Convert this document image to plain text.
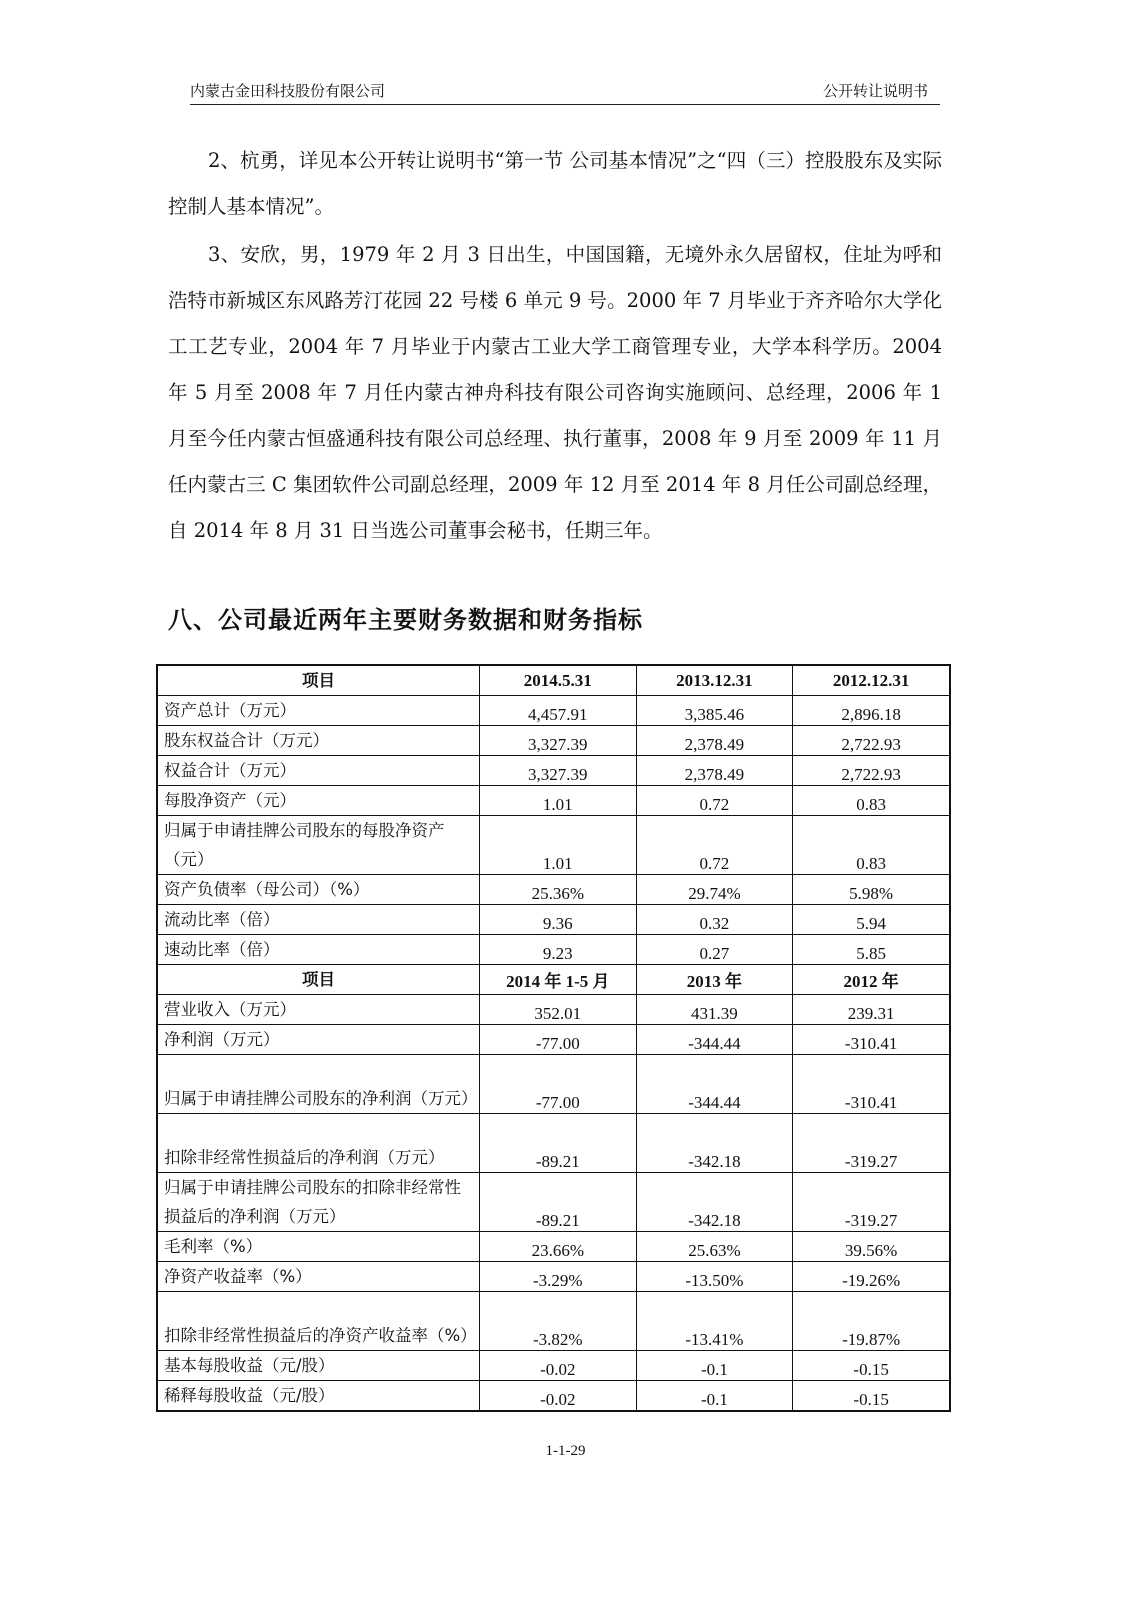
内蒙古金田科技股份有限公司	公开转让说明书

2、杭勇，详见本公开转让说明书“第一节 公司基本情况”之“四（三）控股股东及实际控制人基本情况”。

3、安欣，男，1979 年 2 月 3 日出生，中国国籍，无境外永久居留权，住址为呼和浩特市新城区东风路芳汀花园 22 号楼 6 单元 9 号。2000 年 7 月毕业于齐齐哈尔大学化工工艺专业，2004 年 7 月毕业于内蒙古工业大学工商管理专业，大学本科学历。2004 年 5 月至 2008 年 7 月任内蒙古神舟科技有限公司咨询实施顾问、总经理，2006 年 1 月至今任内蒙古恒盛通科技有限公司总经理、执行董事，2008 年 9 月至 2009 年 11 月任内蒙古三 C 集团软件公司副总经理，2009 年 12 月至 2014 年 8 月任公司副总经理，自 2014 年 8 月 31 日当选公司董事会秘书，任期三年。

八、公司最近两年主要财务数据和财务指标
项目	2014.5.31	2013.12.31	2012.12.31
资产总计（万元）	4,457.91	3,385.46	2,896.18
股东权益合计（万元）	3,327.39	2,378.49	2,722.93
权益合计（万元）	3,327.39	2,378.49	2,722.93
每股净资产（元）	1.01	0.72	0.83
归属于申请挂牌公司股东的每股净资产（元）	1.01	0.72	0.83
资产负债率（母公司）（%）	25.36%	29.74%	5.98%
流动比率（倍）	9.36	0.32	5.94
速动比率（倍）	9.23	0.27	5.85
项目	2014 年 1-5 月	2013 年	2012 年
营业收入（万元）	352.01	431.39	239.31
净利润（万元）	-77.00	-344.44	-310.41
归属于申请挂牌公司股东的净利润（万元）	-77.00	-344.44	-310.41
扣除非经常性损益后的净利润（万元）	-89.21	-342.18	-319.27
归属于申请挂牌公司股东的扣除非经常性损益后的净利润（万元）	-89.21	-342.18	-319.27
毛利率（%）	23.66%	25.63%	39.56%
净资产收益率（%）	-3.29%	-13.50%	-19.26%
扣除非经常性损益后的净资产收益率（%）	-3.82%	-13.41%	-19.87%
基本每股收益（元/股）	-0.02	-0.1	-0.15
稀释每股收益（元/股）	-0.02	-0.1	-0.15
1-1-29
